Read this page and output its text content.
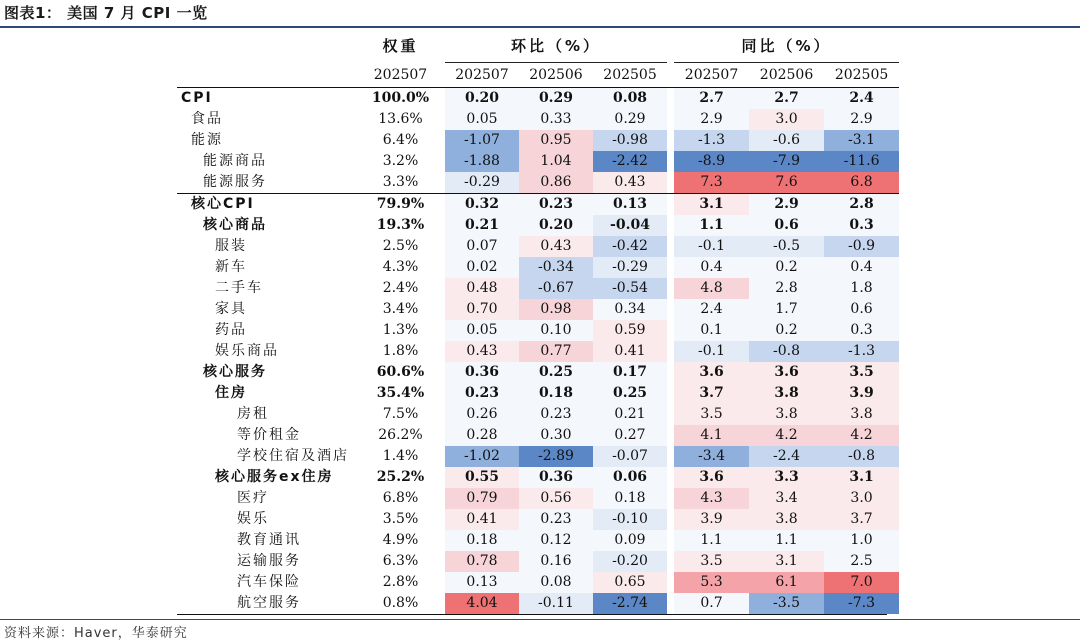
图表1： 美国 7 月 CPI 一览
	权重		环比（%）				同比（%）		
	202507		202507	202506	202505		202507	202506	202505
CPI	100.0%		0.20	0.29	0.08		2.7	2.7	2.4
食品	13.6%		0.05	0.33	0.29		2.9	3.0	2.9
能源	6.4%		-1.07	0.95	-0.98		-1.3	-0.6	-3.1
能源商品	3.2%		-1.88	1.04	-2.42		-8.9	-7.9	-11.6
能源服务	3.3%		-0.29	0.86	0.43		7.3	7.6	6.8
核心CPI	79.9%		0.32	0.23	0.13		3.1	2.9	2.8
核心商品	19.3%		0.21	0.20	-0.04		1.1	0.6	0.3
服装	2.5%		0.07	0.43	-0.42		-0.1	-0.5	-0.9
新车	4.3%		0.02	-0.34	-0.29		0.4	0.2	0.4
二手车	2.4%		0.48	-0.67	-0.54		4.8	2.8	1.8
家具	3.4%		0.70	0.98	0.34		2.4	1.7	0.6
药品	1.3%		0.05	0.10	0.59		0.1	0.2	0.3
娱乐商品	1.8%		0.43	0.77	0.41		-0.1	-0.8	-1.3
核心服务	60.6%		0.36	0.25	0.17		3.6	3.6	3.5
住房	35.4%		0.23	0.18	0.25		3.7	3.8	3.9
房租	7.5%		0.26	0.23	0.21		3.5	3.8	3.8
等价租金	26.2%		0.28	0.30	0.27		4.1	4.2	4.2
学校住宿及酒店	1.4%		-1.02	-2.89	-0.07		-3.4	-2.4	-0.8
核心服务ex住房	25.2%		0.55	0.36	0.06		3.6	3.3	3.1
医疗	6.8%		0.79	0.56	0.18		4.3	3.4	3.0
娱乐	3.5%		0.41	0.23	-0.10		3.9	3.8	3.7
教育通讯	4.9%		0.18	0.12	0.09		1.1	1.1	1.0
运输服务	6.3%		0.78	0.16	-0.20		3.5	3.1	2.5
汽车保险	2.8%		0.13	0.08	0.65		5.3	6.1	7.0
航空服务	0.8%		4.04	-0.11	-2.74		0.7	-3.5	-7.3
资料来源：Haver，华泰研究
